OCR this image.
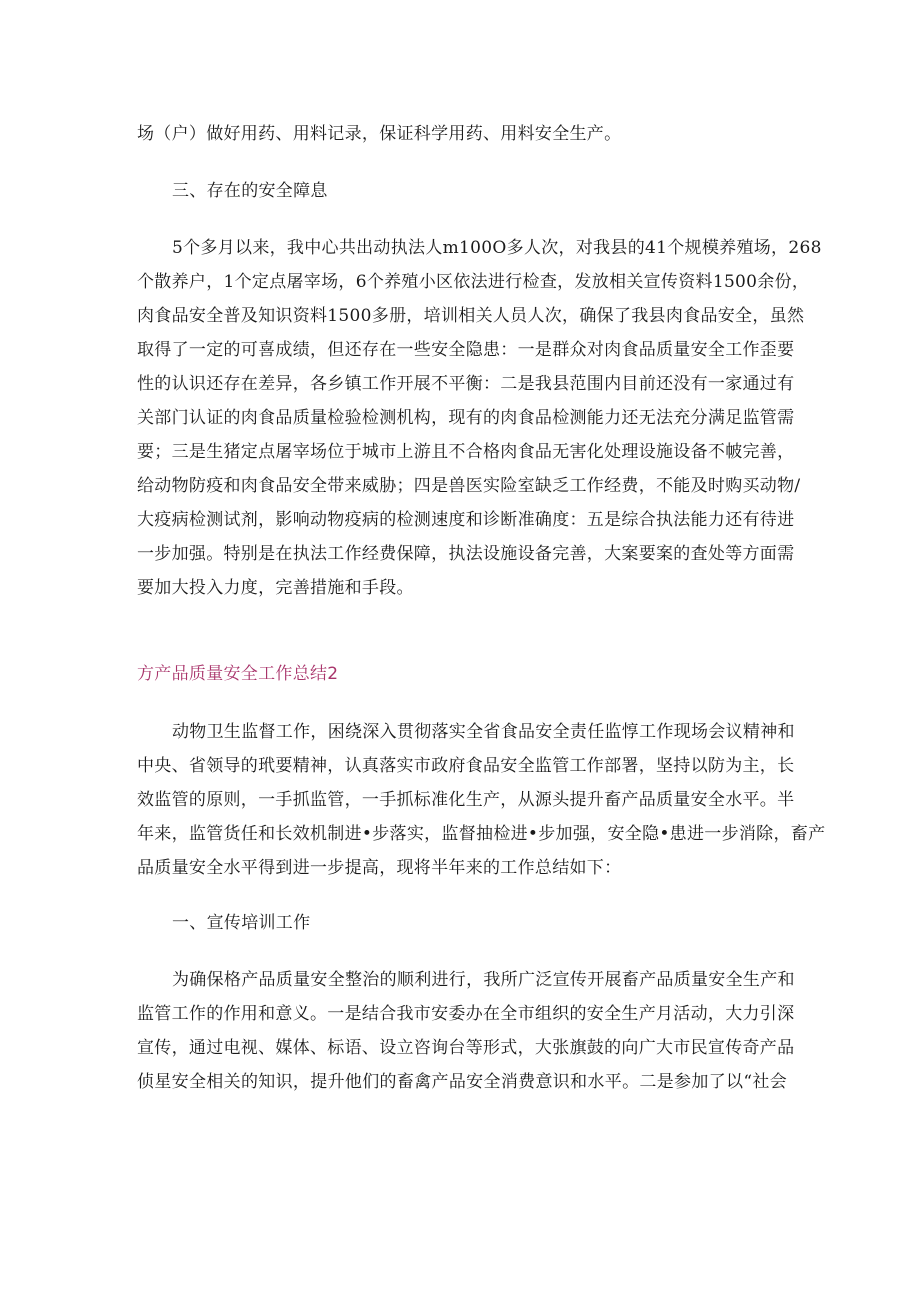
场（户）做好用药、用料记录，保证科学用药、用料安全生产。
三、存在的安全障息
5个多月以来，我中心共出动执法人m100O多人次，对我县的41个规模养殖场，268
个散养户，1个定点屠宰场，6个养殖小区依法进行检查，发放相关宣传资料1500余份，
肉食品安全普及知识资料1500多册，培训相关人员人次，确保了我县肉食品安全，虽然
取得了一定的可喜成绩，但还存在一些安全隐患：一是群众对肉食品质量安全工作歪要
性的认识还存在差异，各乡镇工作开展不平衡：二是我县范围内目前还没有一家通过有
关部门认证的肉食品质量检验检测机构，现有的肉食品检测能力还无法充分满足监管需
要；三是生猪定点屠宰场位于城市上游且不合格肉食品无害化处理设施设备不帔完善，
给动物防疫和肉食品安全带来威胁；四是兽医实险室缺乏工作经费，不能及时购买动物/
大疫病检测试剂，影响动物疫病的检测速度和诊断准确度：五是综合执法能力还有待进
一步加强。特别是在执法工作经费保障，执法设施设备完善，大案要案的査处等方面需
要加大投入力度，完善措施和手段。
方产品质量安全工作总结2
动物卫生监督工作，困绕深入贯彻落实全省食品安全责任监惇工作现场会议精神和
中央、省领导的玳要精神，认真落实市政府食品安全监管工作部署，坚持以防为主，长
效监管的原则，一手抓监管，一手抓标准化生产，从源头提升畜产品质量安全水平。半
年来，监管货任和长效机制进•步落实，监督抽检进•步加强，安全隐•患进一步消除，畜产
品质量安全水平得到进一步提高，现将半年来的工作总结如下：
一、宣传培训工作
为确保格产品质量安全整治的顺利进行，我所广泛宣传开展畜产品质量安全生产和
监管工作的作用和意义。一是结合我市安委办在全市组织的安全生产月活动，大力引深
宣传，通过电视、媒体、标语、设立咨询台等形式，大张旗鼓的向广大市民宣传奇产品
侦星安全相关的知识，提升他们的畜禽产品安全消费意识和水平。二是参加了以“社会
